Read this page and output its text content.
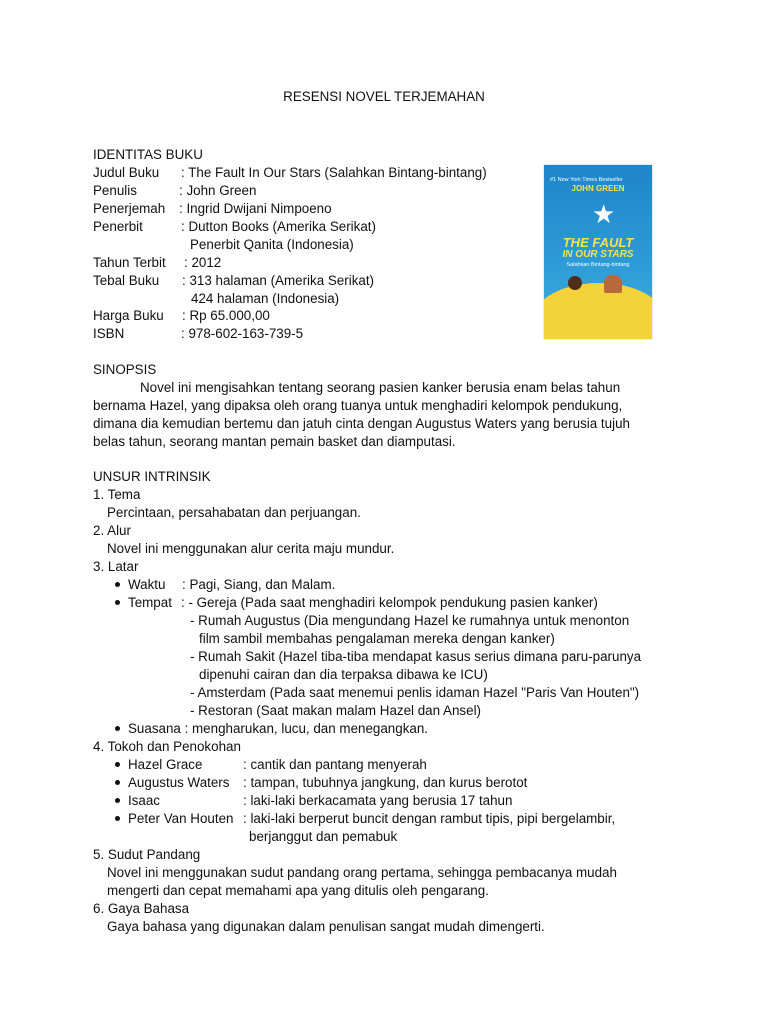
RESENSI NOVEL TERJEMAHAN
IDENTITAS BUKU
Judul Buku : The Fault In Our Stars (Salahkan Bintang-bintang)
Penulis	: John Green
Penerjemah : Ingrid Dwijani Nimpoeno
Penerbit	: Dutton Books (Amerika Serikat)
Penerbit Qanita (Indonesia)
Tahun Terbit : 2012
Tebal Buku : 313 halaman (Amerika Serikat)
424 halaman (Indonesia)
Harga Buku : Rp 65.000,00
ISBN	: 978-602-163-739-5
#1 New York Times Bestseller
JOHN GREEN
★
THE FAULT
IN OUR STARS
Salahkan Bintang-bintang
SINOPSIS
Novel ini mengisahkan tentang seorang pasien kanker berusia enam belas tahun
bernama Hazel, yang dipaksa oleh orang tuanya untuk menghadiri kelompok pendukung,
dimana dia kemudian bertemu dan jatuh cinta dengan Augustus Waters yang berusia tujuh
belas tahun, seorang mantan pemain basket dan diamputasi.
UNSUR INTRINSIK
1. Tema
Percintaan, persahabatan dan perjuangan.
2. Alur
Novel ini menggunakan alur cerita maju mundur.
3. Latar
Waktu : Pagi, Siang, dan Malam.
Tempat : - Gereja (Pada saat menghadiri kelompok pendukung pasien kanker)
- Rumah Augustus (Dia mengundang Hazel ke rumahnya untuk menonton
film sambil membahas pengalaman mereka dengan kanker)
- Rumah Sakit (Hazel tiba-tiba mendapat kasus serius dimana paru-parunya
dipenuhi cairan dan dia terpaksa dibawa ke ICU)
- Amsterdam (Pada saat menemui penlis idaman Hazel "Paris Van Houten")
- Restoran (Saat makan malam Hazel dan Ansel)
Suasana : mengharukan, lucu, dan menegangkan.
4. Tokoh dan Penokohan
Hazel Grace	: cantik dan pantang menyerah
Augustus Waters : tampan, tubuhnya jangkung, dan kurus berotot
Isaac	: laki-laki berkacamata yang berusia 17 tahun
Peter Van Houten : laki-laki berperut buncit dengan rambut tipis, pipi bergelambir,
berjanggut dan pemabuk
5. Sudut Pandang
Novel ini menggunakan sudut pandang orang pertama, sehingga pembacanya mudah
mengerti dan cepat memahami apa yang ditulis oleh pengarang.
6. Gaya Bahasa
Gaya bahasa yang digunakan dalam penulisan sangat mudah dimengerti.
